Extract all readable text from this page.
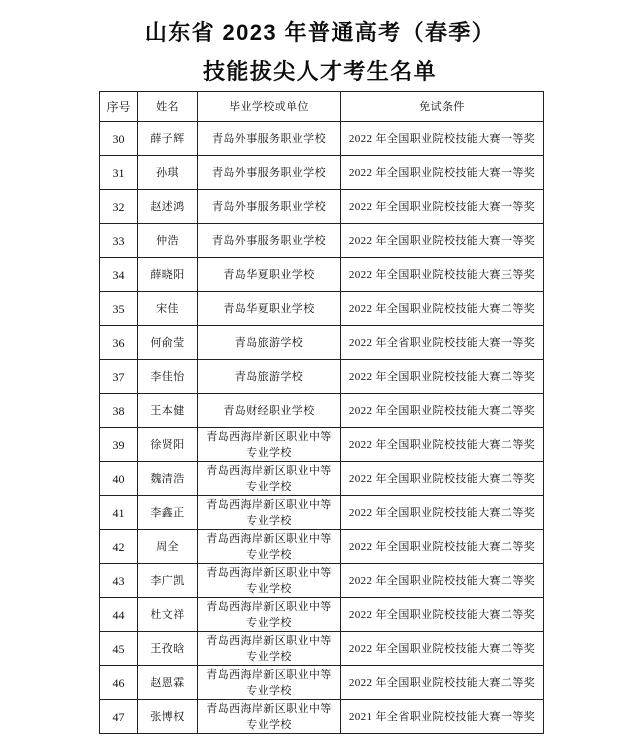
山东省 2023 年普通高考（春季）
技能拔尖人才考生名单
序号 姓名	毕业学校或单位	免试条件
30 薛子辉 青岛外事服务职业学校 2022 年全国职业院校技能大赛一等奖
31	孙琪	青岛外事服务职业学校 2022 年全国职业院校技能大赛一等奖
32 赵述鸿 青岛外事服务职业学校 2022 年全国职业院校技能大赛一等奖
33	仲浩	青岛外事服务职业学校 2022 年全国职业院校技能大赛一等奖
34 薛晓阳	青岛华夏职业学校	2022 年全国职业院校技能大赛三等奖
35	宋佳	青岛华夏职业学校	2022 年全国职业院校技能大赛二等奖
36 何俞莹	青岛旅游学校	2022 年全省职业院校技能大赛一等奖
37 李佳怡	青岛旅游学校	2022 年全国职业院校技能大赛二等奖
38 王本健	青岛财经职业学校	2022 年全国职业院校技能大赛二等奖
39 徐贤阳
青岛西海岸新区职业中等专业学校
2022 年全国职业院校技能大赛二等奖
40 魏清浩
青岛西海岸新区职业中等专业学校
2022 年全国职业院校技能大赛二等奖
41 李鑫正
青岛西海岸新区职业中等专业学校
2022 年全国职业院校技能大赛二等奖
42	周全
青岛西海岸新区职业中等专业学校
2022 年全国职业院校技能大赛二等奖
43 李广凯
青岛西海岸新区职业中等专业学校
2022 年全国职业院校技能大赛二等奖
44 杜文祥
青岛西海岸新区职业中等专业学校
2022 年全国职业院校技能大赛二等奖
45 王孜晗
青岛西海岸新区职业中等专业学校
2022 年全国职业院校技能大赛二等奖
46 赵恩霖
青岛西海岸新区职业中等专业学校
2022 年全国职业院校技能大赛二等奖
47 张博权
青岛西海岸新区职业中等专业学校
2021 年全省职业院校技能大赛一等奖
